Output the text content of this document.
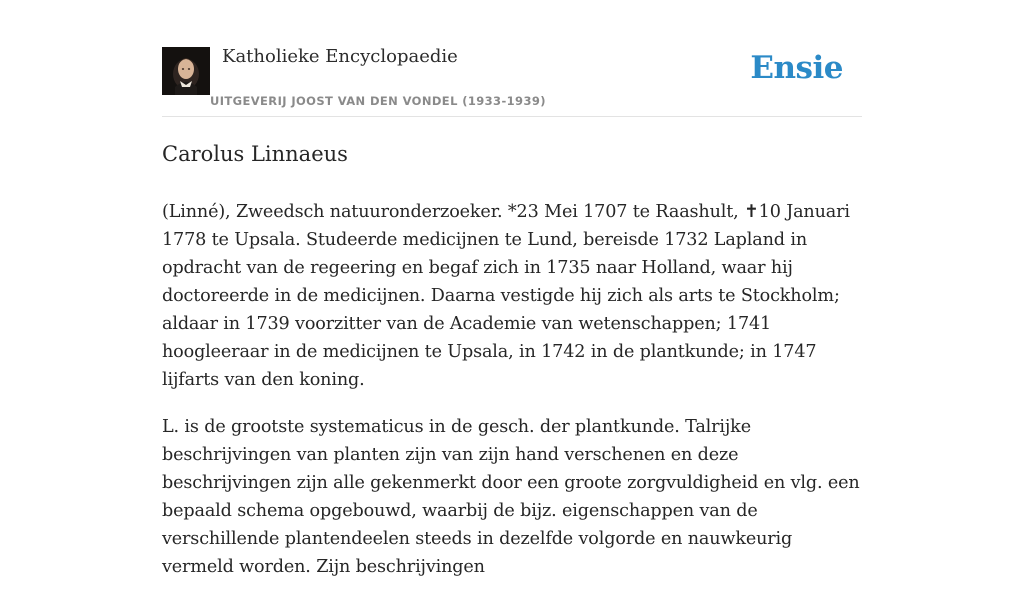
Katholieke Encyclopaedie
UITGEVERIJ JOOST VAN DEN VONDEL (1933-1939)
Ensie
Carolus Linnaeus

(Linné), Zweedsch natuuronderzoeker. *23 Mei 1707 te Raashult, ✝10 Januari 1778 te Upsala. Studeerde medicijnen te Lund, bereisde 1732 Lapland in opdracht van de regeering en begaf zich in 1735 naar Holland, waar hij doctoreerde in de medicijnen. Daarna vestigde hij zich als arts te Stockholm; aldaar in 1739 voorzitter van de Academie van wetenschappen; 1741 hoogleeraar in de medicijnen te Upsala, in 1742 in de plantkunde; in 1747 lijfarts van den koning.

L. is de grootste systematicus in de gesch. der plantkunde. Talrijke beschrijvingen van planten zijn van zijn hand verschenen en deze beschrijvingen zijn alle gekenmerkt door een groote zorgvuldigheid en vlg. een bepaald schema opgebouwd, waarbij de bijz. eigenschappen van de verschillende plantendeelen steeds in dezelfde volgorde en nauwkeurig vermeld worden. Zijn beschrijvingen
